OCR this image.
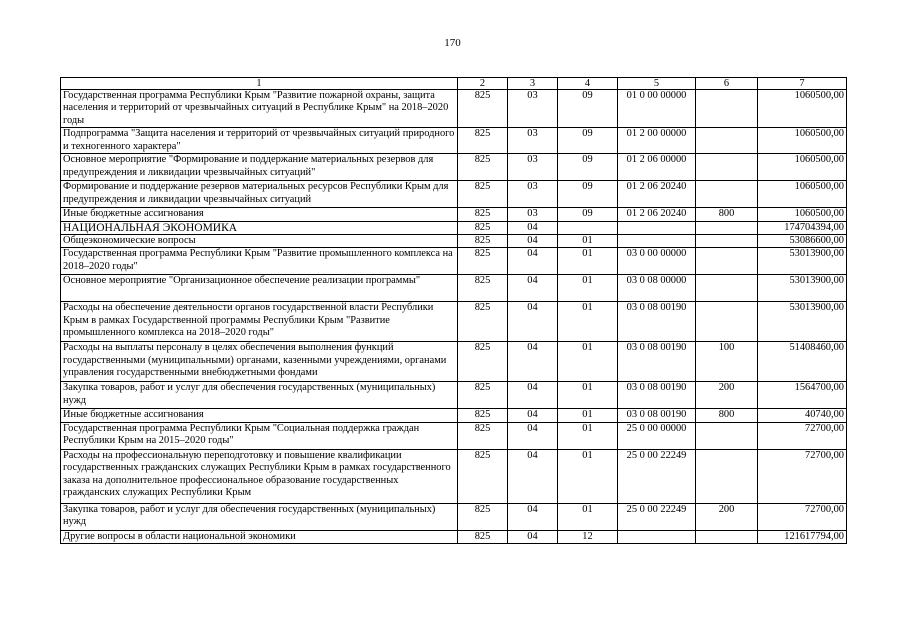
170
1	2	3	4	5	6	7
Государственная программа Республики Крым "Развитие пожарной охраны, защита населения и территорий от чрезвычайных ситуаций в Республике Крым" на 2018–2020 годы	825	03	09	01 0 00 00000		1060500,00
Подпрограмма "Защита населения и территорий от чрезвычайных ситуаций природного и техногенного характера"	825	03	09	01 2 00 00000		1060500,00
Основное мероприятие "Формирование и поддержание материальных резервов для предупреждения и ликвидации чрезвычайных ситуаций"	825	03	09	01 2 06 00000		1060500,00
Формирование и поддержание резервов материальных ресурсов Республики Крым для предупреждения и ликвидации чрезвычайных ситуаций	825	03	09	01 2 06 20240		1060500,00
Иные бюджетные ассигнования	825	03	09	01 2 06 20240	800	1060500,00
НАЦИОНАЛЬНАЯ ЭКОНОМИКА	825	04				174704394,00
Общеэкономические вопросы	825	04	01			53086600,00
Государственная программа Республики Крым "Развитие промышленного комплекса на 2018–2020 годы"	825	04	01	03 0 00 00000		53013900,00
Основное мероприятие "Организационное обеспечение реализации программы"	825	04	01	03 0 08 00000		53013900,00
Расходы на обеспечение деятельности органов государственной власти Республики Крым в рамках Государственной программы Республики Крым "Развитие промышленного комплекса на 2018–2020 годы"	825	04	01	03 0 08 00190		53013900,00
Расходы на выплаты персоналу в целях обеспечения выполнения функций государственными (муниципальными) органами, казенными учреждениями, органами управления государственными внебюджетными фондами	825	04	01	03 0 08 00190	100	51408460,00
Закупка товаров, работ и услуг для обеспечения государственных (муниципальных) нужд	825	04	01	03 0 08 00190	200	1564700,00
Иные бюджетные ассигнования	825	04	01	03 0 08 00190	800	40740,00
Государственная программа Республики Крым "Социальная поддержка граждан Республики Крым на 2015–2020 годы"	825	04	01	25 0 00 00000		72700,00
Расходы на профессиональную переподготовку и повышение квалификации государственных гражданских служащих Республики Крым в рамках государственного заказа на дополнительное профессиональное образование государственных гражданских служащих Республики Крым	825	04	01	25 0 00 22249		72700,00
Закупка товаров, работ и услуг для обеспечения государственных (муниципальных) нужд	825	04	01	25 0 00 22249	200	72700,00
Другие вопросы в области национальной экономики	825	04	12			121617794,00
